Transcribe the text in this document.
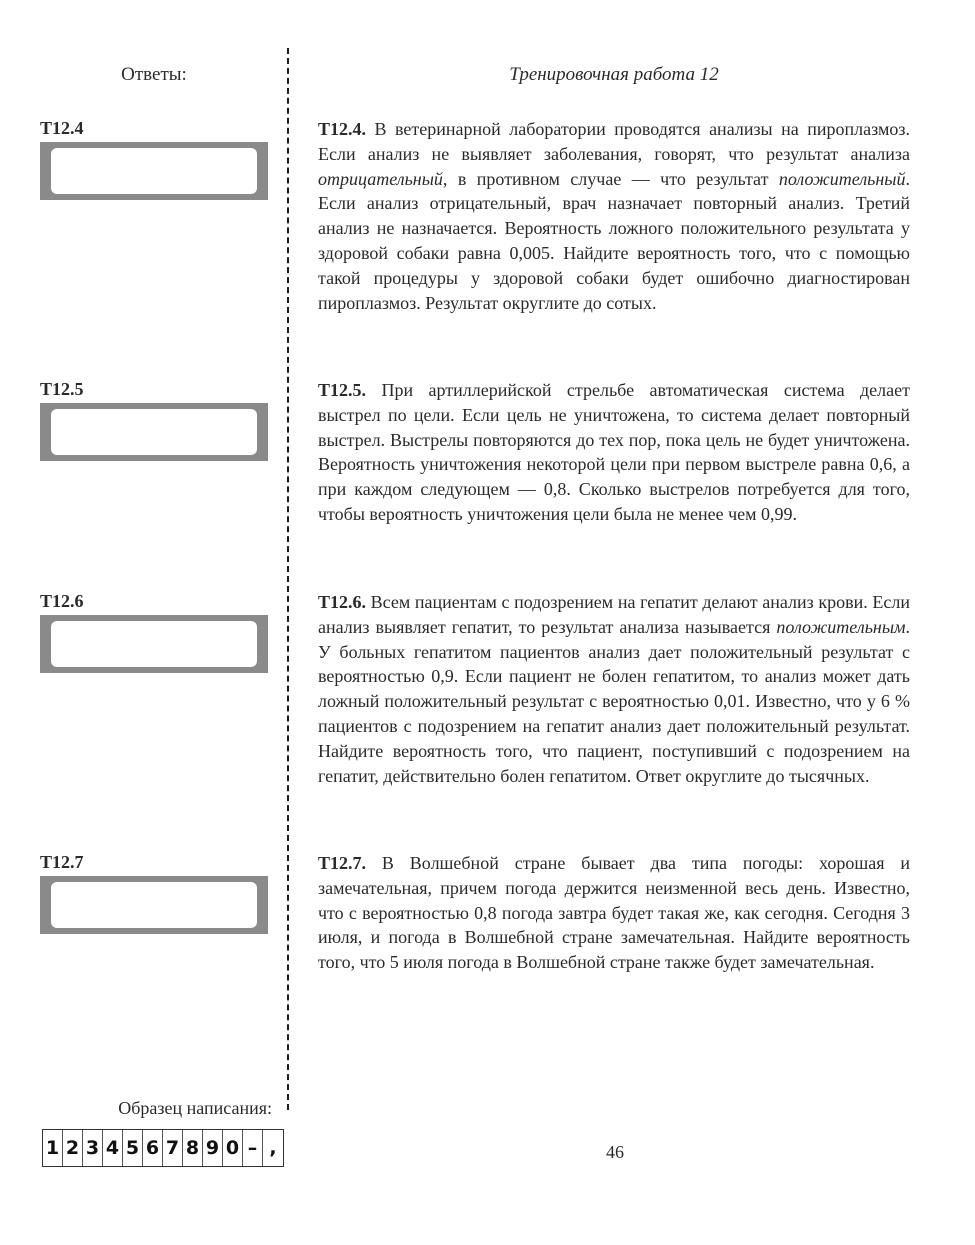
Ответы:	Тренировочная работа 12
Т12.4
Т12.5
Т12.6
Т12.7
Т12.4. В ветеринарной лаборатории проводятся анализы на пироплазмоз. Если анализ не выявляет заболевания, говорят, что результат анализа отрицательный, в противном случае — что результат положительный. Если анализ отрицательный, врач назначает повторный анализ. Третий анализ не назначается. Вероятность ложного положительного результата у здоровой собаки равна 0,005. Найдите вероятность того, что с помощью такой процедуры у здоровой собаки будет ошибочно диагностирован пироплазмоз. Результат округлите до сотых.
Т12.5. При артиллерийской стрельбе автоматическая система делает выстрел по цели. Если цель не уничтожена, то система делает повторный выстрел. Выстрелы повторяются до тех пор, пока цель не будет уничтожена. Вероятность уничтожения некоторой цели при первом выстреле равна 0,6, а при каждом следующем — 0,8. Сколько выстрелов потребуется для того, чтобы вероятность уничтожения цели была не менее чем 0,99.
Т12.6. Всем пациентам с подозрением на гепатит делают анализ крови. Если анализ выявляет гепатит, то результат анализа называется положительным. У больных гепатитом пациентов анализ дает положительный результат с вероятностью 0,9. Если пациент не болен гепатитом, то анализ может дать ложный положительный результат с вероятностью 0,01. Известно, что у 6 % пациентов с подозрением на гепатит анализ дает положительный результат. Найдите вероятность того, что пациент, поступивший с подозрением на гепатит, действительно болен гепатитом. Ответ округлите до тысячных.
Т12.7. В Волшебной стране бывает два типа погоды: хорошая и замечательная, причем погода держится неизменной весь день. Известно, что с вероятностью 0,8 погода завтра будет такая же, как сегодня. Сегодня 3 июля, и погода в Волшебной стране замечательная. Найдите вероятность того, что 5 июля погода в Волшебной стране также будет замечательная.
Образец написания:
1 2 3 4 5 6 7 8 9 0 – ,	46
